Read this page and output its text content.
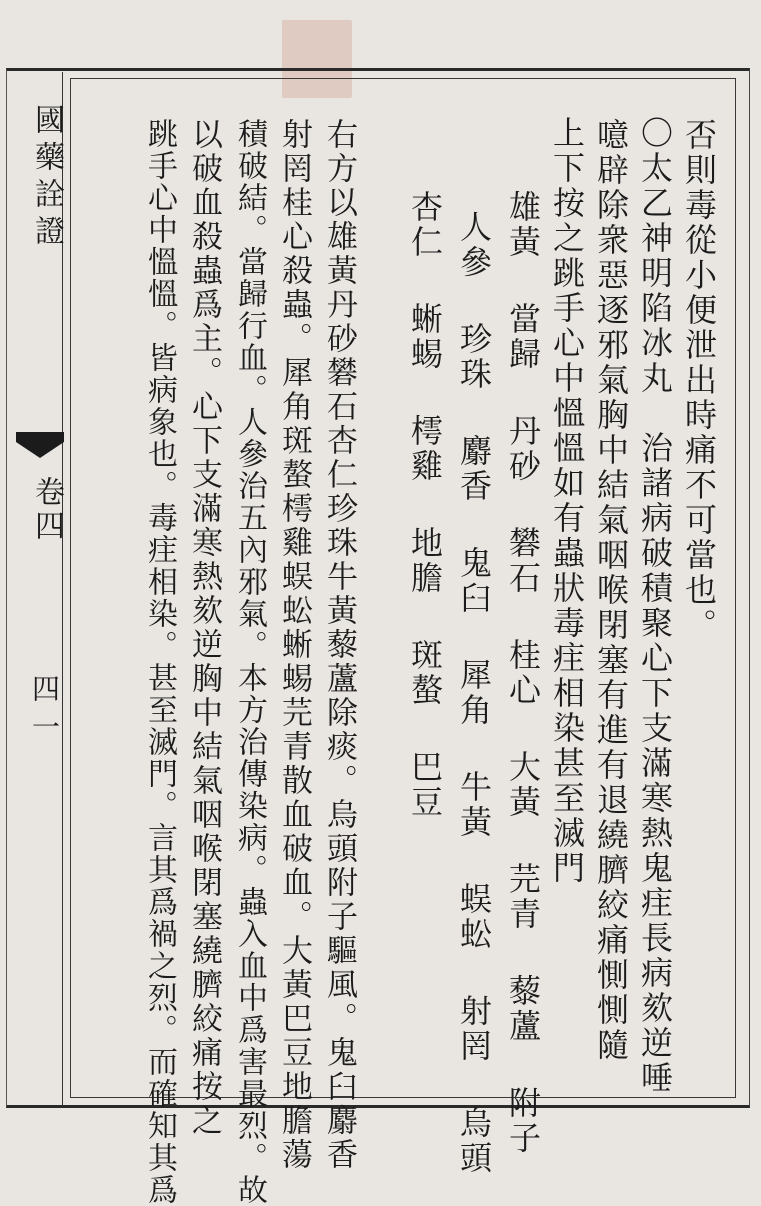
國藥詮證
卷四
四一
否則毒從小便泄出時痛不可當也。
〇太乙神明陷冰丸　治諸病破積聚心下支滿寒熱鬼疰長病欬逆唾
噫辟除衆惡逐邪氣胸中結氣咽喉閉塞有進有退繞臍絞痛惻惻隨
上下按之跳手心中慍慍如有蟲狀毒疰相染甚至滅門
雄黃當歸丹砂礬石桂心大黃芫青藜蘆附子
人參珍珠麝香鬼臼犀角牛黃蜈蚣射罔烏頭
杏仁蜥蜴樗雞地膽斑螯巴豆
右方以雄黃丹砂礬石杏仁珍珠牛黃藜蘆除痰。烏頭附子驅風。鬼臼麝香
射罔桂心殺蟲。犀角斑螯樗雞蜈蚣蜥蜴芫青散血破血。大黃巴豆地膽蕩
積破結。當歸行血。人參治五內邪氣。本方治傳染病。蟲入血中爲害最烈。故
以破血殺蟲爲主。心下支滿寒熱欬逆胸中結氣咽喉閉塞繞臍絞痛按之
跳手心中慍慍。皆病象也。毒疰相染。甚至滅門。言其爲禍之烈。而確知其爲
